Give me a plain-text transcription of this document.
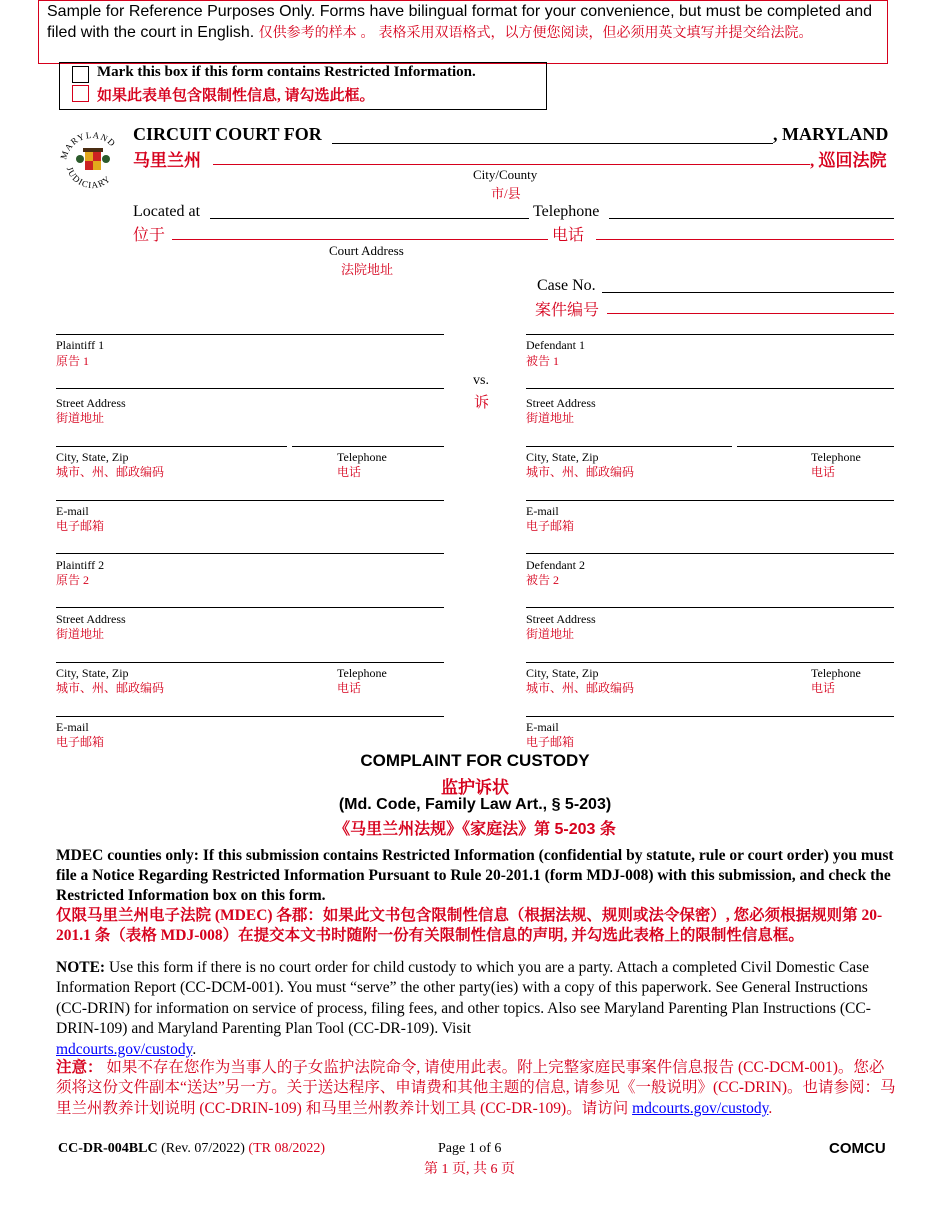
Sample for Reference Purposes Only. Forms have bilingual format for your convenience, but must be completed and filed with the court in English. 仅供参考的样本 。 表格采用双语格式，以方便您阅读，但必须用英文填写并提交给法院。
Mark this box if this form contains Restricted Information.
如果此表单包含限制性信息, 请勾选此框。
MARYLAND
JUDICIARY
CIRCUIT COURT FOR	, MARYLAND
马里兰州	, 巡回法院
City/County
市/县
Located at	Telephone
位于	电话
Court Address
法院地址
Case No.
案件编号
vs.
诉
Plaintiff 1
原告 1
Street Address
街道地址
City, State, Zip
城市、州、邮政编码
Telephone
电话
E-mail
电子邮箱
Plaintiff 2
原告 2
Street Address
街道地址
City, State, Zip
城市、州、邮政编码
Telephone
电话
E-mail
电子邮箱
Defendant 1
被告 1
Street Address
街道地址
City, State, Zip
城市、州、邮政编码
Telephone
电话
E-mail
电子邮箱
Defendant 2
被告 2
Street Address
街道地址
City, State, Zip
城市、州、邮政编码
Telephone
电话
E-mail
电子邮箱
COMPLAINT FOR CUSTODY
监护诉状
(Md. Code, Family Law Art., § 5-203)
《马里兰州法规》《家庭法》第 5-203 条
MDEC counties only: If this submission contains Restricted Information (confidential by statute, rule or court order) you must file a Notice Regarding Restricted Information Pursuant to Rule 20-201.1 (form MDJ-008) with this submission, and check the Restricted Information box on this form.
仅限马里兰州电子法院 (MDEC) 各郡：如果此文书包含限制性信息（根据法规、规则或法令保密）, 您必须根据规则第 20-201.1 条（表格 MDJ-008）在提交本文书时随附一份有关限制性信息的声明, 并勾选此表格上的限制性信息框。
NOTE: Use this form if there is no court order for child custody to which you are a party. Attach a completed Civil Domestic Case Information Report (CC-DCM-001). You must “serve” the other party(ies) with a copy of this paperwork. See General Instructions (CC-DRIN) for information on service of process, filing fees, and other topics. Also see Maryland Parenting Plan Instructions (CC-DRIN-109) and Maryland Parenting Plan Tool (CC-DR-109). Visit
mdcourts.gov/custody.
注意： 如果不存在您作为当事人的子女监护法院命令, 请使用此表。附上完整家庭民事案件信息报告 (CC-DCM-001)。您必须将这份文件副本“送达”另一方。关于送达程序、申请费和其他主题的信息, 请参见《一般说明》(CC-DRIN)。也请参阅：马里兰州教养计划说明 (CC-DRIN-109) 和马里兰州教养计划工具 (CC-DR-109)。请访问 mdcourts.gov/custody.
CC-DR-004BLC (Rev. 07/2022) (TR 08/2022)	Page 1 of 6
第 1 页, 共 6 页
COMCU
